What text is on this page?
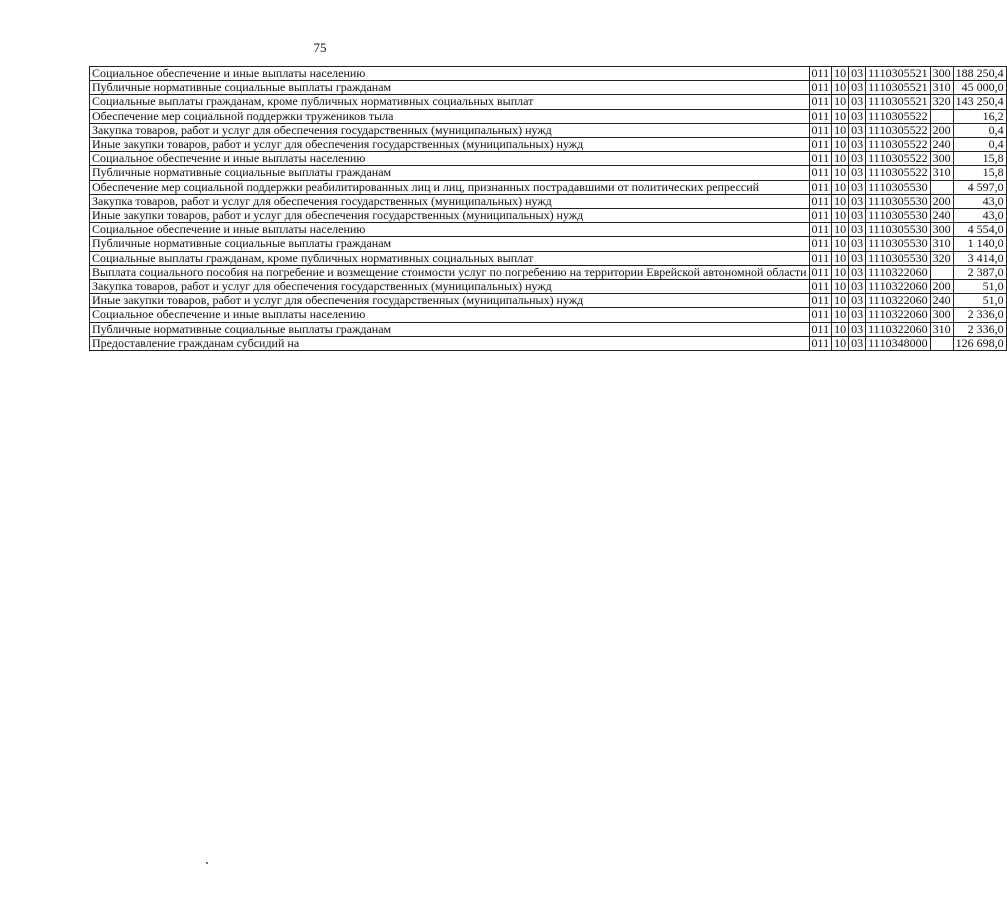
75
Социальное обеспечение и иные выплаты населению	011	10	03	11 1 03 05521	300	188 250,4
Публичные нормативные социальные выплаты гражданам	011	10	03	11 1 03 05521	310	45 000,0
Социальные выплаты гражданам, кроме публичных нормативных социальных выплат	011	10	03	11 1 03 05521	320	143 250,4
Обеспечение мер социальной поддержки тружеников тыла	011	10	03	11 1 03 05522		16,2
Закупка товаров, работ и услуг для обеспечения государственных (муниципальных) нужд	011	10	03	11 1 03 05522	200	0,4
Иные закупки товаров, работ и услуг для обеспечения государственных (муниципальных) нужд	011	10	03	11 1 03 05522	240	0,4
Социальное обеспечение и иные выплаты населению	011	10	03	11 1 03 05522	300	15,8
Публичные нормативные социальные выплаты гражданам	011	10	03	11 1 03 05522	310	15,8
Обеспечение мер социальной поддержки реабилитированных лиц и лиц, признанных пострадавшими от политических репрессий	011	10	03	11 1 03 05530		4 597,0
Закупка товаров, работ и услуг для обеспечения государственных (муниципальных) нужд	011	10	03	11 1 03 05530	200	43,0
Иные закупки товаров, работ и услуг для обеспечения государственных (муниципальных) нужд	011	10	03	11 1 03 05530	240	43,0
Социальное обеспечение и иные выплаты населению	011	10	03	11 1 03 05530	300	4 554,0
Публичные нормативные социальные выплаты гражданам	011	10	03	11 1 03 05530	310	1 140,0
Социальные выплаты гражданам, кроме публичных нормативных социальных выплат	011	10	03	11 1 03 05530	320	3 414,0
Выплата социального пособия на погребение и возмещение стоимости услуг по погребению на территории Еврейской автономной области	011	10	03	11 1 03 22060		2 387,0
Закупка товаров, работ и услуг для обеспечения государственных (муниципальных) нужд	011	10	03	11 1 03 22060	200	51,0
Иные закупки товаров, работ и услуг для обеспечения государственных (муниципальных) нужд	011	10	03	11 1 03 22060	240	51,0
Социальное обеспечение и иные выплаты населению	011	10	03	11 1 03 22060	300	2 336,0
Публичные нормативные социальные выплаты гражданам	011	10	03	11 1 03 22060	310	2 336,0
Предоставление гражданам субсидий на	011	10	03	11 1 03 48000		126 698,0
